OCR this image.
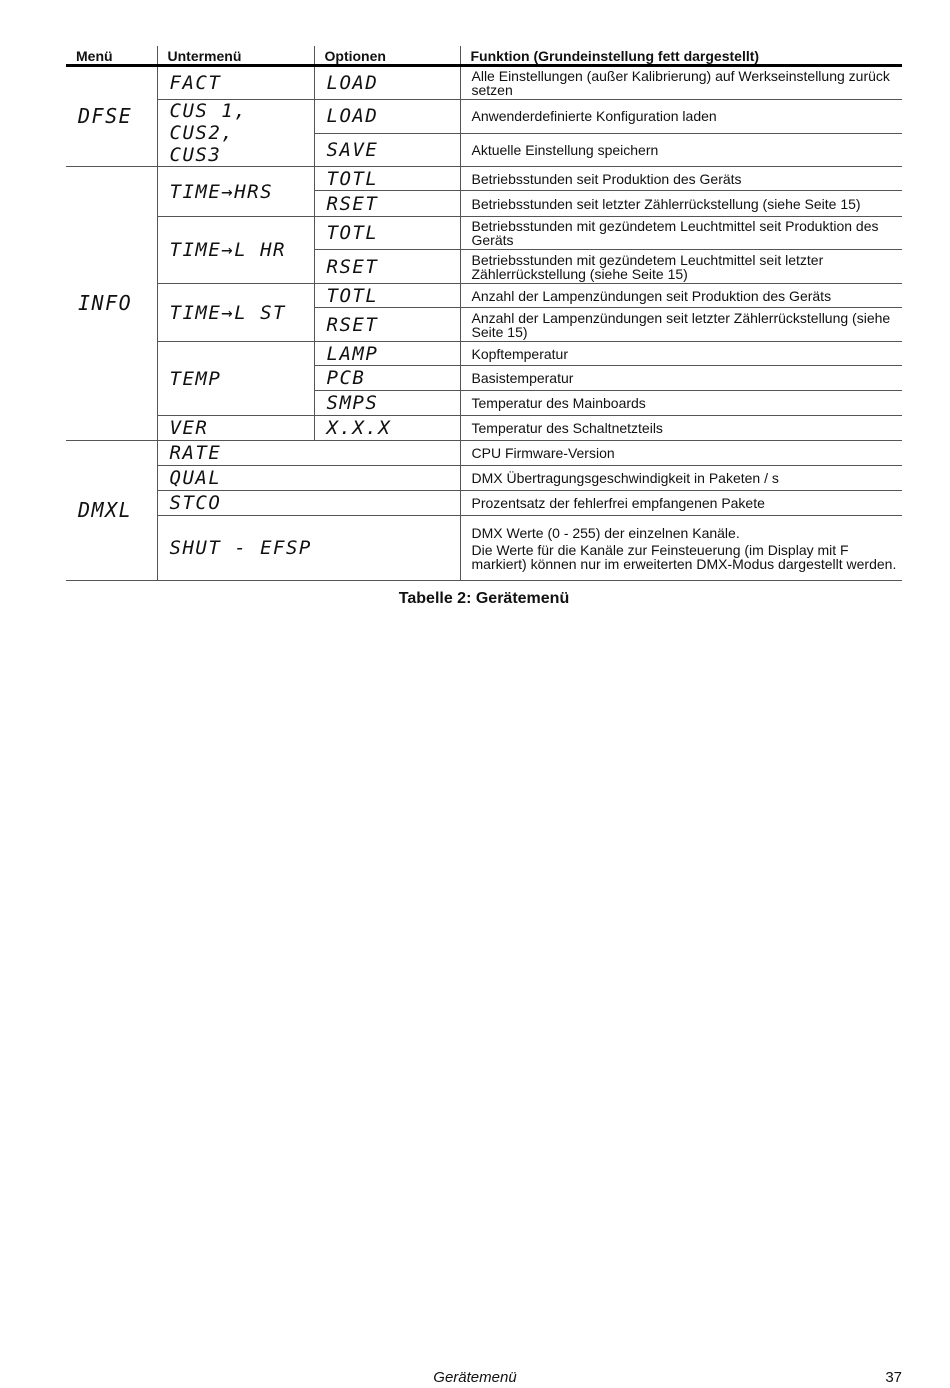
Menü	Untermenü	Optionen	Funktion (Grundeinstellung fett dargestellt)
DFSE	FACT	LOAD	Alle Einstellungen (außer Kalibrierung) auf Werkseinstellung zurück setzen

	CUS 1, CUS2, CUS3	LOAD	Anwenderdefinierte Konfiguration laden
		SAVE	Aktuelle Einstellung speichern
INFO	TIME→HRS	TOTL	Betriebsstunden seit Produktion des Geräts
		RSET	Betriebsstunden seit letzter Zählerrückstellung (siehe Seite 15)
	TIME→L HR	TOTL	Betriebsstunden mit gezündetem Leuchtmittel seit Produktion des Geräts
		RSET	Betriebsstunden mit gezündetem Leuchtmittel seit letzter Zählerrückstellung (siehe Seite 15)
	TIME→L ST	TOTL	Anzahl der Lampenzündungen seit Produktion des Geräts
		RSET	Anzahl der Lampenzündungen seit letzter Zählerrückstellung (siehe Seite 15)
	TEMP	LAMP	Kopftemperatur
		PCB	Basistemperatur
		SMPS	Temperatur des Mainboards
	VER	X.X.X	Temperatur des Schaltnetzteils
DMXL	RATE		CPU Firmware-Version
	QUAL		DMX Übertragungsgeschwindigkeit in Paketen / s
	STCO		Prozentsatz der fehlerfrei empfangenen Pakete
	SHUT - EFSP		DMX Werte (0 - 255) der einzelnen Kanäle.
Die Werte für die Kanäle zur Feinsteuerung (im Display mit F markiert) können nur im erweiterten DMX-Modus dargestellt werden.
Tabelle 2: Gerätemenü
Gerätemenü	37
